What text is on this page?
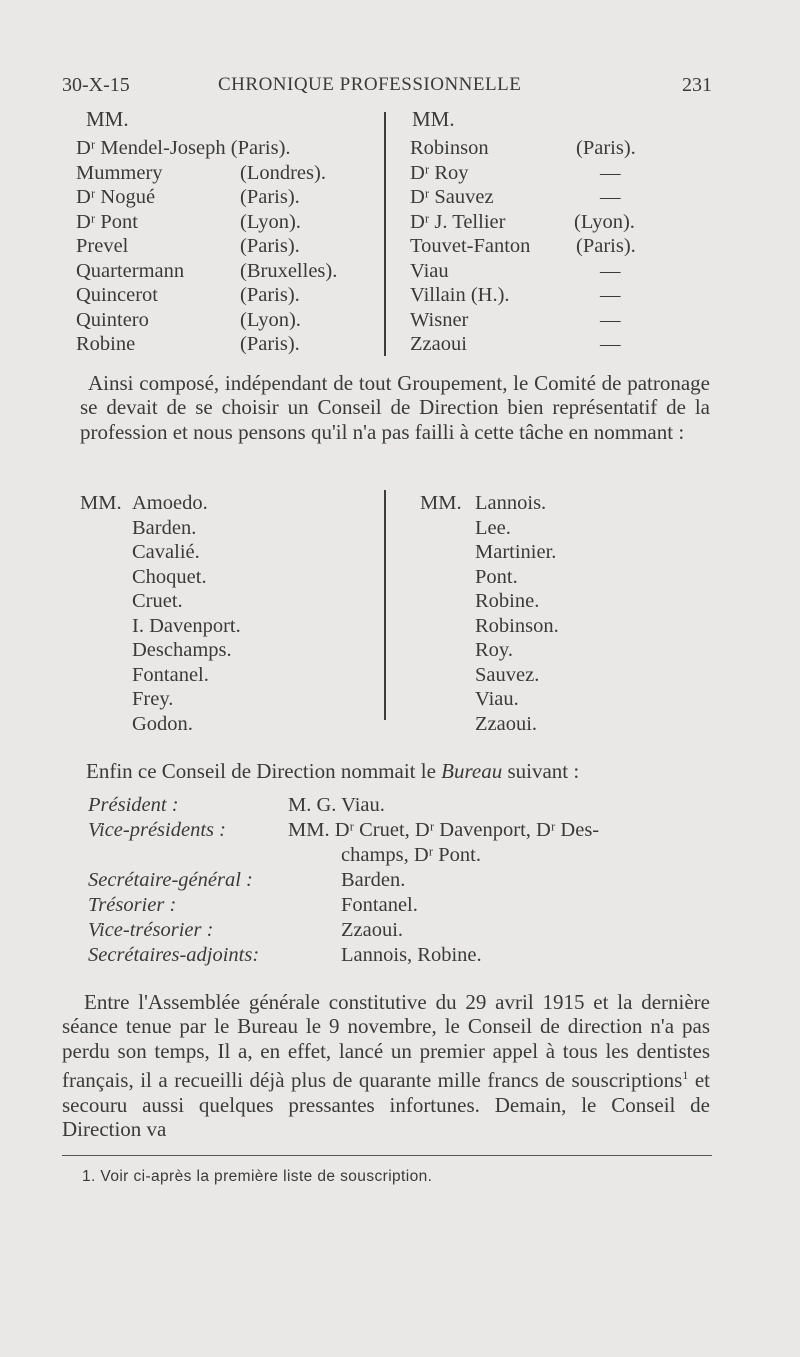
30-X-15	CHRONIQUE PROFESSIONNELLE	231
MM.	MM.
Dʳ Mendel-Joseph (Paris).
Mummery	(Londres).
Dʳ Nogué	(Paris).
Dʳ Pont	(Lyon).
Prevel	(Paris).
Quartermann	(Bruxelles).
Quincerot	(Paris).
Quintero	(Lyon).
Robine	(Paris).
Robinson	(Paris).
Dʳ Roy	—
Dʳ Sauvez	—
Dʳ J. Tellier	(Lyon).
Touvet-Fanton (Paris).
Viau	—
Villain (H.).	—
Wisner	—
Zzaoui	—

Ainsi composé, indépendant de tout Groupement, le Comité de patronage se devait de se choisir un Conseil de Direction bien représentatif de la profession et nous pensons qu'il n'a pas failli à cette tâche en nommant :

MM. Amoedo.
Barden.
Cavalié.
Choquet.
Cruet.
I. Davenport.
Deschamps.
Fontanel.
Frey.
Godon.
MM. Lannois.
Lee.
Martinier.
Pont.
Robine.
Robinson.
Roy.
Sauvez.
Viau.
Zzaoui.
Enfin ce Conseil de Direction nommait le Bureau suivant :
Président :	M. G. Viau.
Vice-présidents :	MM. Dʳ Cruet, Dʳ Davenport, Dʳ Des-
champs, Dʳ Pont.
Secrétaire-général :	Barden.
Trésorier :	Fontanel.
Vice-trésorier :	Zzaoui.
Secrétaires-adjoints:	Lannois, Robine.

Entre l'Assemblée générale constitutive du 29 avril 1915 et la dernière séance tenue par le Bureau le 9 novembre, le Conseil de direction n'a pas perdu son temps, Il a, en effet, lancé un premier appel à tous les dentistes français, il a recueilli déjà plus de quarante mille francs de souscriptions$^1$ et secouru aussi quelques pressantes infortunes. Demain, le Conseil de Direction va

1. Voir ci-après la première liste de souscription.
